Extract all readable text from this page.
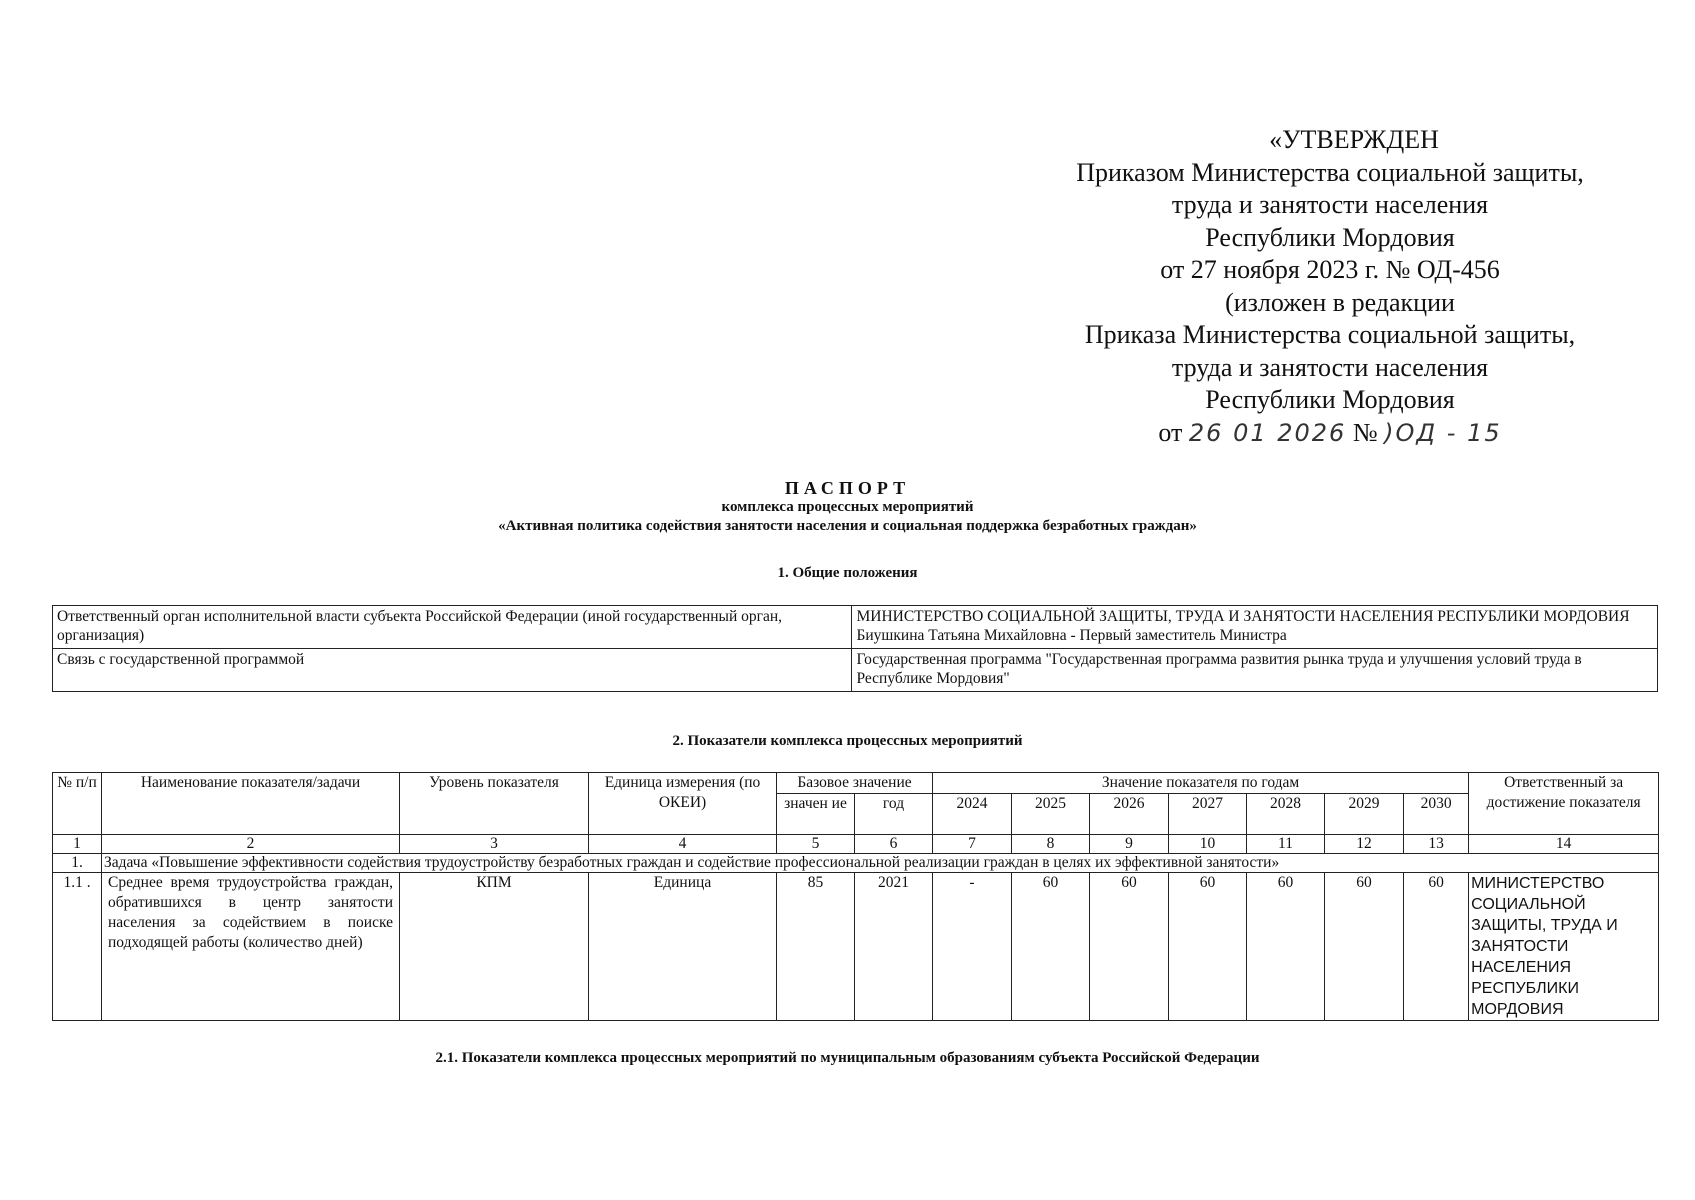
«УТВЕРЖДЕН
Приказом Министерства социальной защиты,
труда и занятости населения
Республики Мордовия
от 27 ноября 2023 г. № ОД-456
(изложен в редакции
Приказа Министерства социальной защиты,
труда и занятости населения
Республики Мордовия
от 26 01 2026 № )ОД - 15
ПАСПОРТ
комплекса процессных мероприятий
«Активная политика содействия занятости населения и социальная поддержка безработных граждан»
1. Общие положения
Ответственный орган исполнительной власти субъекта Российской Федерации (иной государственный орган, организация)	МИНИСТЕРСТВО СОЦИАЛЬНОЙ ЗАЩИТЫ, ТРУДА И ЗАНЯТОСТИ НАСЕЛЕНИЯ РЕСПУБЛИКИ МОРДОВИЯ
Биушкина Татьяна Михайловна - Первый заместитель Министра

Связь с государственной программой	Государственная программа "Государственная программа развития рынка труда и улучшения условий труда в Республике Мордовия"
2. Показатели комплекса процессных мероприятий
№ п/п	Наименование показателя/задачи	Уровень показателя	Единица измерения (по ОКЕИ)	Базовое значение		Значение показателя по годам							Ответственный за достижение показателя
				значен ие	год	2024	2025	2026	2027	2028	2029	2030	
1	2	3	4	5	6	7	8	9	10	11	12	13	14
1.	Задача «Повышение эффективности содействия трудоустройству безработных граждан и содействие профессиональной реализации граждан в целях их эффективной занятости»												
1.1 .	Среднее время трудоустройства граждан, обратившихся в центр занятости населения за содействием в поиске подходящей работы (количество дней)	КПМ	Единица	85	2021	-	60	60	60	60	60	60	МИНИСТЕРСТВО СОЦИАЛЬНОЙ ЗАЩИТЫ, ТРУДА И ЗАНЯТОСТИ НАСЕЛЕНИЯ РЕСПУБЛИКИ МОРДОВИЯ
2.1. Показатели комплекса процессных мероприятий по муниципальным образованиям субъекта Российской Федерации
